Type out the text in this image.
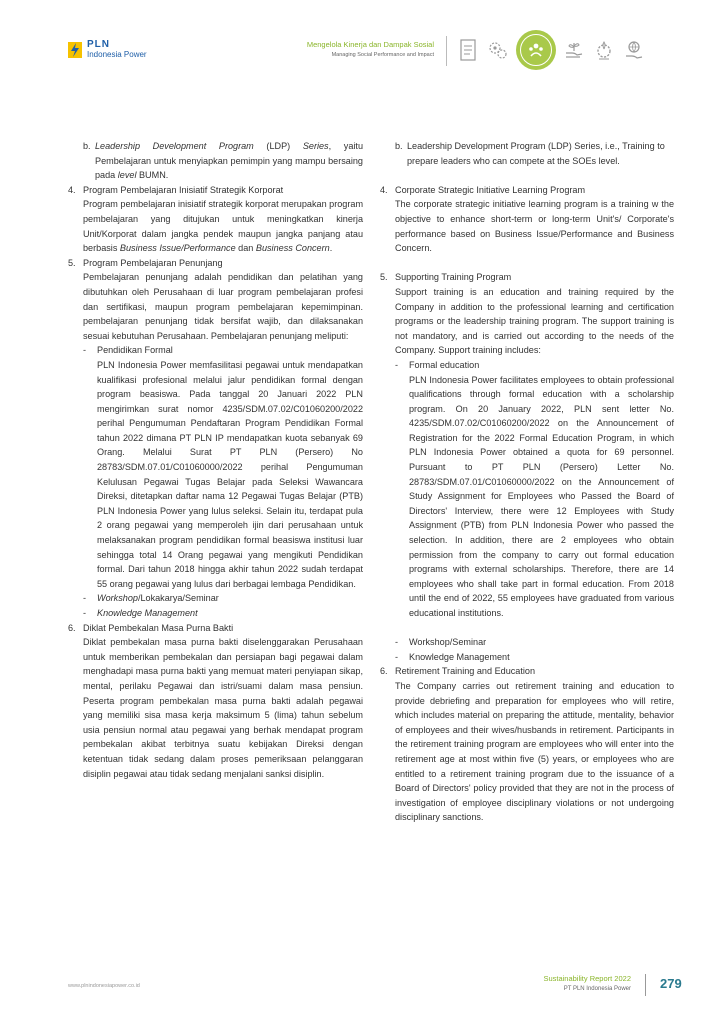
PLN
Indonesia Power
Mengelola Kinerja dan Dampak Sosial
Managing Social Performance and Impact
b. Leadership Development Program (LDP) Series, yaitu Pembelajaran untuk menyiapkan pemimpin yang mampu bersaing pada level BUMN.
4. Program Pembelajaran Inisiatif Strategik Korporat
Program pembelajaran inisiatif strategik korporat merupakan program pembelajaran yang ditujukan untuk meningkatkan kinerja Unit/Korporat dalam jangka pendek maupun jangka panjang atau berbasis Business Issue/Performance dan Business Concern.
5. Program Pembelajaran Penunjang
Pembelajaran penunjang adalah pendidikan dan pelatihan yang dibutuhkan oleh Perusahaan di luar program pembelajaran profesi dan sertifikasi, maupun program pembelajaran kepemimpinan. pembelajaran penunjang tidak bersifat wajib, dan dilaksanakan sesuai kebutuhan Perusahaan. Pembelajaran penunjang meliputi:
-	Pendidikan Formal
PLN Indonesia Power memfasilitasi pegawai untuk mendapatkan kualifikasi profesional melalui jalur pendidikan formal dengan program beasiswa. Pada tanggal 20 Januari 2022 PLN mengirimkan surat nomor 4235/SDM.07.02/C01060200/2022 perihal Pengumuman Pendaftaran Program Pendidikan Formal tahun 2022 dimana PT PLN IP mendapatkan kuota sebanyak 69 Orang. Melalui Surat PT PLN (Persero) No 28783/SDM.07.01/C01060000/2022 perihal Pengumuman Kelulusan Pegawai Tugas Belajar pada Seleksi Wawancara Direksi, ditetapkan daftar nama 12 Pegawai Tugas Belajar (PTB) PLN Indonesia Power yang lulus seleksi. Selain itu, terdapat pula 2 orang pegawai yang memperoleh ijin dari perusahaan untuk melaksanakan program pendidikan formal beasiswa institusi luar sehingga total 14 Orang pegawai yang mengikuti Pendidikan formal. Dari tahun 2018 hingga akhir tahun 2022 sudah terdapat 55 orang pegawai yang lulus dari berbagai lembaga Pendidikan.
-	Workshop/Lokakarya/Seminar
-	Knowledge Management
6. Diklat Pembekalan Masa Purna Bakti
Diklat pembekalan masa purna bakti diselenggarakan Perusahaan untuk memberikan pembekalan dan persiapan bagi pegawai dalam menghadapi masa purna bakti yang memuat materi penyiapan sikap, mental, perilaku Pegawai dan istri/suami dalam masa pensiun. Peserta program pembekalan masa purna bakti adalah pegawai yang memiliki sisa masa kerja maksimum 5 (lima) tahun sebelum usia pensiun normal atau pegawai yang berhak mendapat program pembekalan akibat terbitnya suatu kebijakan Direksi dengan ketentuan tidak sedang dalam proses pemeriksaan pelanggaran disiplin pegawai atau tidak sedang menjalani sanksi disiplin.
b. Leadership Development Program (LDP) Series, i.e., Training to prepare leaders who can compete at the SOEs level.
4. Corporate Strategic Initiative Learning Program
The corporate strategic initiative learning program is a training w the objective to enhance short-term or long-term Unit's/ Corporate's performance based on Business Issue/Performance and Business Concern.
5. Supporting Training Program
Support training is an education and training required by the Company in addition to the professional learning and certification programs or the leadership training program. The support training is not mandatory, and is carried out according to the needs of the Company. Support training includes:
-	Formal education
PLN Indonesia Power facilitates employees to obtain professional qualifications through formal education with a scholarship program. On 20 January 2022, PLN sent letter No. 4235/SDM.07.02/C01060200/2022 on the Announcement of Registration for the 2022 Formal Education Program, in which PLN Indonesia Power obtained a quota for 69 personnel. Pursuant to PT PLN (Persero) Letter No. 28783/SDM.07.01/C01060000/2022 on the Announcement of Study Assignment for Employees who Passed the Board of Directors' Interview, there were 12 Employees with Study Assignment (PTB) from PLN Indonesia Power who passed the selection. In addition, there are 2 employees who obtain permission from the company to carry out formal education programs with external scholarships. Therefore, there are 14 employees who shall take part in formal education. From 2018 until the end of 2022, 55 employees have graduated from various educational institutions.
-	Workshop/Seminar
-	Knowledge Management
6. Retirement Training and Education
The Company carries out retirement training and education to provide debriefing and preparation for employees who will retire, which includes material on preparing the attitude, mentality, behavior of employees and their wives/husbands in retirement. Participants in the retirement training program are employees who will enter into the retirement age at most within five (5) years, or employees who are entitled to a retirement training program due to the issuance of a Board of Directors' policy provided that they are not in the process of investigation of employee disciplinary violations or not undergoing disciplinary sanctions.
www.plnindonesiapower.co.id
Sustainability Report 2022
PT PLN Indonesia Power 279
